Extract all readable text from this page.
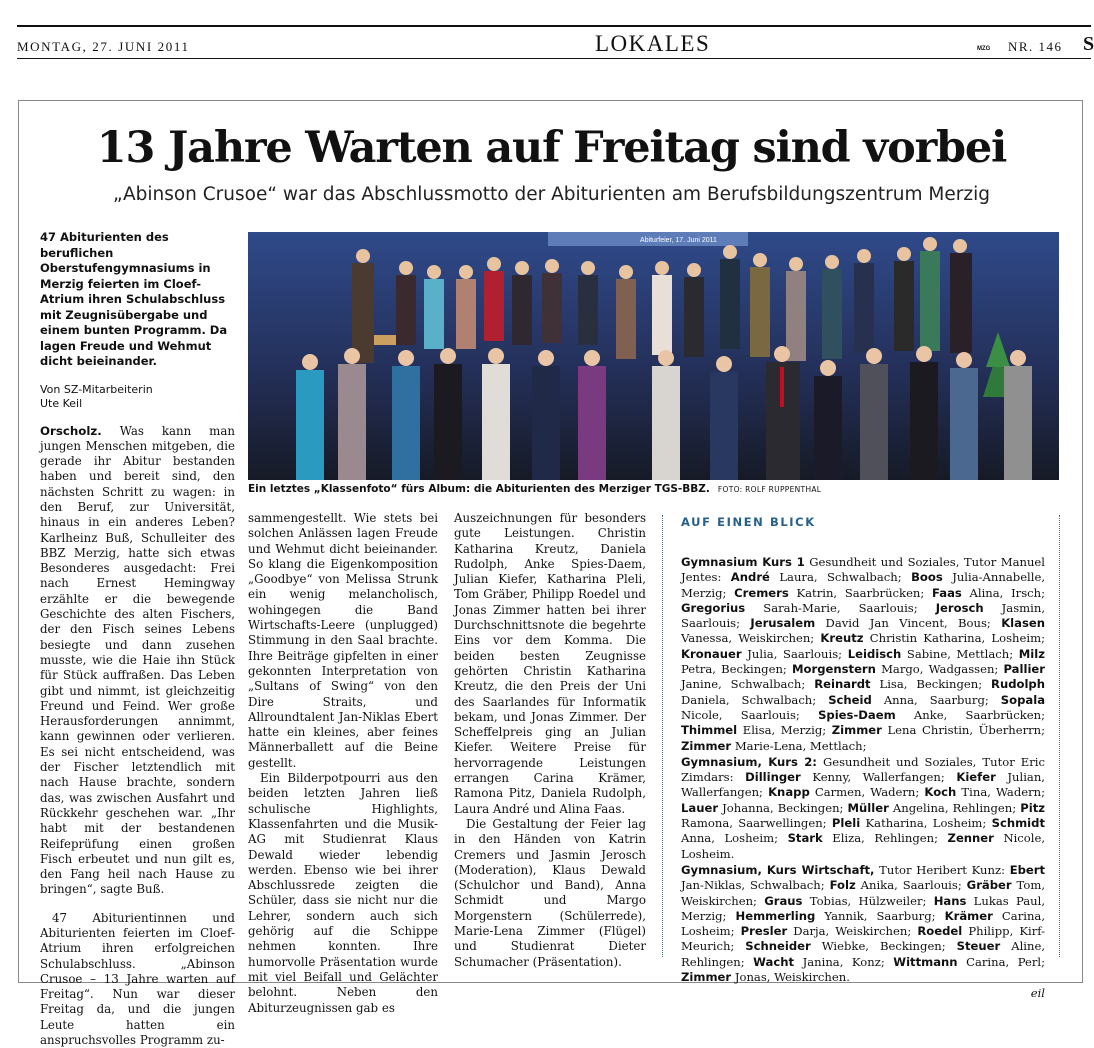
MONTAG, 27. JUNI 2011	LOKALES	MZG NR. 146 S
13 Jahre Warten auf Freitag sind vorbei
„Abinson Crusoe“ war das Abschlussmotto der Abiturienten am Berufsbildungszentrum Merzig

47 Abiturienten des beruflichen Oberstufengymnasiums in Merzig feierten im Cloef-Atrium ihren Schulabschluss mit Zeugnisübergabe und einem bunten Programm. Da lagen Freude und Wehmut dicht beieinander.

Von SZ-Mitarbeiterin
Ute Keil

Orscholz. Was kann man jungen Menschen mitgeben, die gerade ihr Abitur bestanden haben und bereit sind, den nächsten Schritt zu wagen: in den Beruf, zur Universität, hinaus in ein anderes Leben? Karlheinz Buß, Schulleiter des BBZ Merzig, hatte sich etwas Besonderes ausgedacht: Frei nach Ernest Hemingway erzählte er die bewegende Geschichte des alten Fischers, der den Fisch seines Lebens besiegte und dann zusehen musste, wie die Haie ihn Stück für Stück auffraßen. Das Leben gibt und nimmt, ist gleichzeitig Freund und Feind. Wer große Herausforderungen annimmt, kann gewinnen oder verlieren. Es sei nicht entscheidend, was der Fischer letztendlich mit nach Hause brachte, sondern das, was zwischen Ausfahrt und Rückkehr geschehen war. „Ihr habt mit der bestandenen Reifeprüfung einen großen Fisch erbeutet und nun gilt es, den Fang heil nach Hause zu bringen“, sagte Buß.

47 Abiturientinnen und Abiturienten feierten im Cloef-Atrium ihren erfolgreichen Schulabschluss. „Abinson Crusoe – 13 Jahre warten auf Freitag“. Nun war dieser Freitag da, und die jungen Leute hatten ein anspruchsvolles Programm zu-

Abiturfeier, 17. Juni 2011
Ein letztes „Klassenfoto“ fürs Album: die Abiturienten des Merziger TGS-BBZ. FOTO: ROLF RUPPENTHAL

sammengestellt. Wie stets bei solchen Anlässen lagen Freude und Wehmut dicht beieinander. So klang die Eigenkomposition „Goodbye“ von Melissa Strunk ein wenig melancholisch, wohingegen die Band Wirtschafts-Leere (unplugged) Stimmung in den Saal brachte. Ihre Beiträge gipfelten in einer gekonnten Interpretation von „Sultans of Swing“ von den Dire Straits, und Allroundtalent Jan-Niklas Ebert hatte ein kleines, aber feines Männerballett auf die Beine gestellt.

Ein Bilderpotpourri aus den beiden letzten Jahren ließ schulische Highlights, Klassenfahrten und die Musik-AG mit Studienrat Klaus Dewald wieder lebendig werden. Ebenso wie bei ihrer Abschlussrede zeigten die Schüler, dass sie nicht nur die Lehrer, sondern auch sich gehörig auf die Schippe nehmen konnten. Ihre humorvolle Präsentation wurde mit viel Beifall und Gelächter belohnt. Neben den Abiturzeugnissen gab es

Auszeichnungen für besonders gute Leistungen. Christin Katharina Kreutz, Daniela Rudolph, Anke Spies-Daem, Julian Kiefer, Katharina Pleli, Tom Gräber, Philipp Roedel und Jonas Zimmer hatten bei ihrer Durchschnittsnote die begehrte Eins vor dem Komma. Die beiden besten Zeugnisse gehörten Christin Katharina Kreutz, die den Preis der Uni des Saarlandes für Informatik bekam, und Jonas Zimmer. Der Scheffelpreis ging an Julian Kiefer. Weitere Preise für hervorragende Leistungen errangen Carina Krämer, Ramona Pitz, Daniela Rudolph, Laura André und Alina Faas.

Die Gestaltung der Feier lag in den Händen von Katrin Cremers und Jasmin Jerosch (Moderation), Klaus Dewald (Schulchor und Band), Anna Schmidt und Margo Morgenstern (Schülerrede), Marie-Lena Zimmer (Flügel) und Studienrat Dieter Schumacher (Präsentation).

AUF EINEN BLICK

Gymnasium Kurs 1 Gesundheit und Soziales, Tutor Manuel Jentes: André Laura, Schwalbach; Boos Julia-Annabelle, Merzig; Cremers Katrin, Saarbrücken; Faas Alina, Irsch; Gregorius Sarah-Marie, Saarlouis; Jerosch Jasmin, Saarlouis; Jerusalem David Jan Vincent, Bous; Klasen Vanessa, Weiskirchen; Kreutz Christin Katharina, Losheim; Kronauer Julia, Saarlouis; Leidisch Sabine, Mettlach; Milz Petra, Beckingen; Morgenstern Margo, Wadgassen; Pallier Janine, Schwalbach; Reinardt Lisa, Beckingen; Rudolph Daniela, Schwalbach; Scheid Anna, Saarburg; Sopala Nicole, Saarlouis; Spies-Daem Anke, Saarbrücken; Thimmel Elisa, Merzig; Zimmer Lena Christin, Überherrn; Zimmer Marie-Lena, Mettlach;

Gymnasium, Kurs 2: Gesundheit und Soziales, Tutor Eric Zimdars: Dillinger Kenny, Wallerfangen; Kiefer Julian, Wallerfangen; Knapp Carmen, Wadern; Koch Tina, Wadern; Lauer Johanna, Beckingen; Müller Angelina, Rehlingen; Pitz Ramona, Saarwellingen; Pleli Katharina, Losheim; Schmidt Anna, Losheim; Stark Eliza, Rehlingen; Zenner Nicole, Losheim.

Gymnasium, Kurs Wirtschaft, Tutor Heribert Kunz: Ebert Jan-Niklas, Schwalbach; Folz Anika, Saarlouis; Gräber Tom, Weiskirchen; Graus Tobias, Hülzweiler; Hans Lukas Paul, Merzig; Hemmerling Yannik, Saarburg; Krämer Carina, Losheim; Presler Darja, Weiskirchen; Roedel Philipp, Kirf-Meurich; Schneider Wiebke, Beckingen; Steuer Aline, Rehlingen; Wacht Janina, Konz; Wittmann Carina, Perl; Zimmer Jonas, Weiskirchen.

eil
